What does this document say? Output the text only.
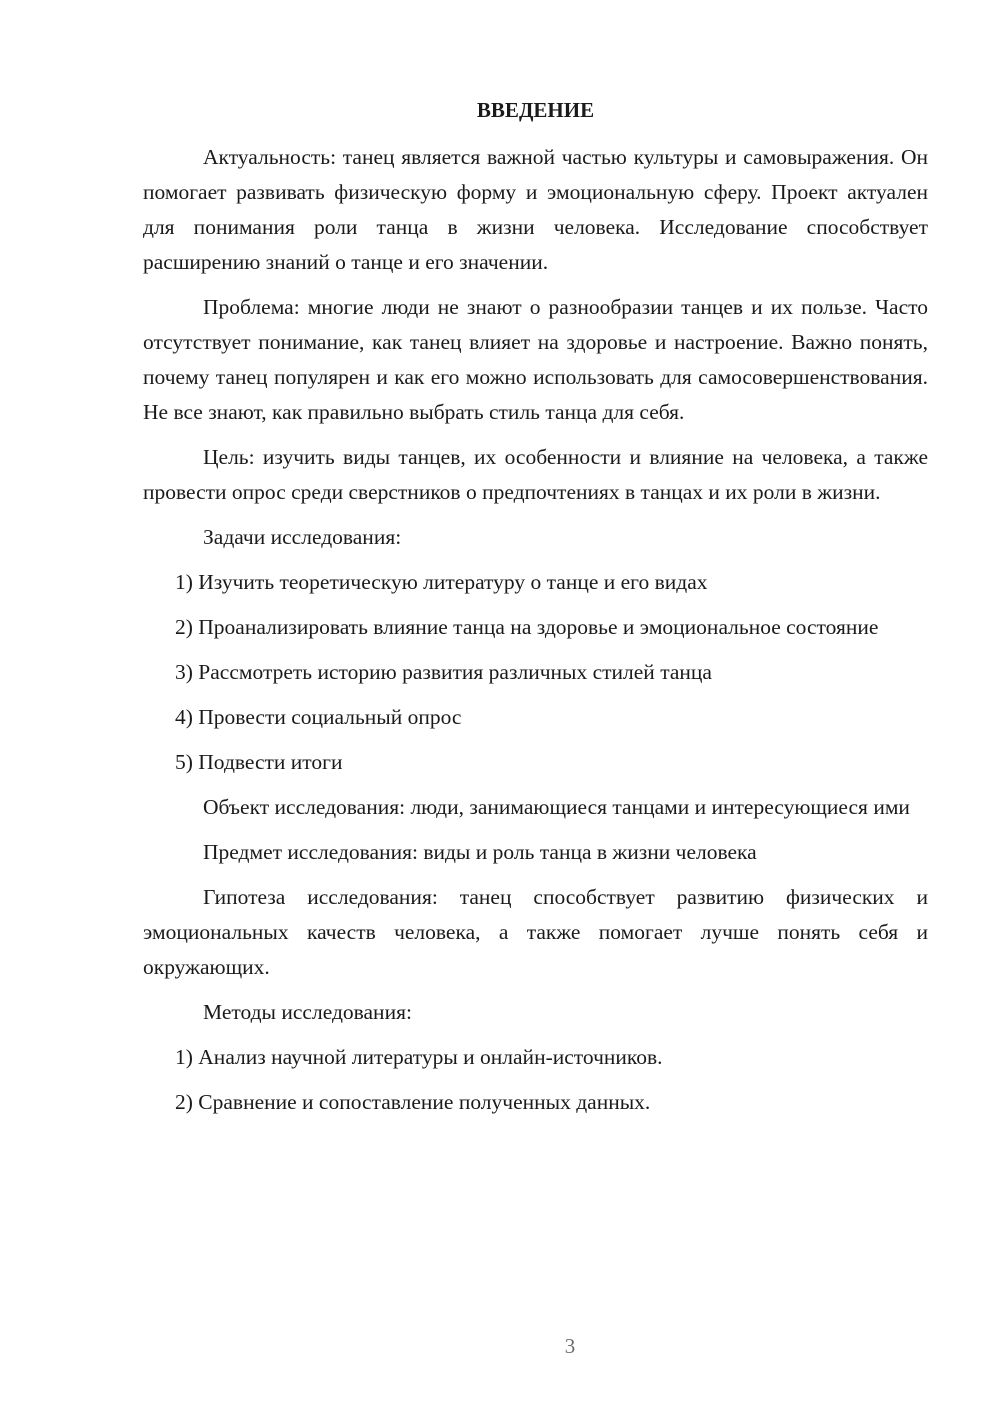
ВВЕДЕНИЕ

Актуальность: танец является важной частью культуры и самовыражения. Он помогает развивать физическую форму и эмоциональную сферу. Проект актуален для понимания роли танца в жизни человека. Исследование способствует расширению знаний о танце и его значении.

Проблема: многие люди не знают о разнообразии танцев и их пользе. Часто отсутствует понимание, как танец влияет на здоровье и настроение. Важно понять, почему танец популярен и как его можно использовать для самосовершенствования. Не все знают, как правильно выбрать стиль танца для себя.

Цель: изучить виды танцев, их особенности и влияние на человека, а также провести опрос среди сверстников о предпочтениях в танцах и их роли в жизни.

Задачи исследования:

1) Изучить теоретическую литературу о танце и его видах

2) Проанализировать влияние танца на здоровье и эмоциональное состояние

3) Рассмотреть историю развития различных стилей танца

4) Провести социальный опрос

5) Подвести итоги

Объект исследования: люди, занимающиеся танцами и интересующиеся ими

Предмет исследования: виды и роль танца в жизни человека

Гипотеза исследования: танец способствует развитию физических и эмоциональных качеств человека, а также помогает лучше понять себя и окружающих.

Методы исследования:

1) Анализ научной литературы и онлайн-источников.

2) Сравнение и сопоставление полученных данных.

3
